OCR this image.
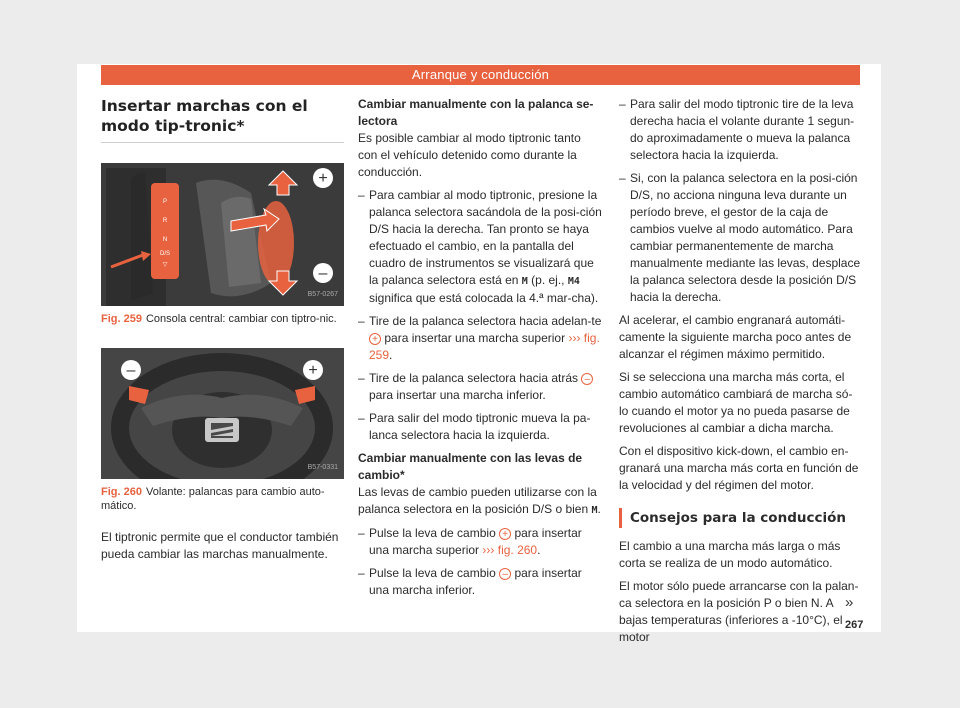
Arranque y conducción
Insertar marchas con el modo tip-tronic*
P
R
N
D/S
▽
+
–
B57-0267
Fig. 259 Consola central: cambiar con tiptro-nic.
–	+
B57-0331
Fig. 260 Volante: palancas para cambio auto-mático.

El tiptronic permite que el conductor también pueda cambiar las marchas manualmente.

Cambiar manualmente con la palanca se-lectora

Es posible cambiar al modo tiptronic tanto con el vehículo detenido como durante la conducción.

– Para cambiar al modo tiptronic, presione la palanca selectora sacándola de la posi-ción D/S hacia la derecha. Tan pronto se haya efectuado el cambio, en la pantalla del cuadro de instrumentos se visualizará que la palanca selectora está en M (p. ej., M4 significa que está colocada la 4.ª mar-cha).
– Tire de la palanca selectora hacia adelan-te + para insertar una marcha superior ››› fig. 259.
– Tire de la palanca selectora hacia atrás – para insertar una marcha inferior.
– Para salir del modo tiptronic mueva la pa-lanca selectora hacia la izquierda.
Cambiar manualmente con las levas de cambio*

Las levas de cambio pueden utilizarse con la palanca selectora en la posición D/S o bien M.

– Pulse la leva de cambio + para insertar una marcha superior ››› fig. 260.
– Pulse la leva de cambio – para insertar una marcha inferior.
– Para salir del modo tiptronic tire de la leva derecha hacia el volante durante 1 segun-do aproximadamente o mueva la palanca selectora hacia la izquierda.
– Si, con la palanca selectora en la posi-ción D/S, no acciona ninguna leva durante un período breve, el gestor de la caja de cambios vuelve al modo automático. Para cambiar permanentemente de marcha manualmente mediante las levas, desplace la palanca selectora desde la posición D/S hacia la derecha.

Al acelerar, el cambio engranará automáti-camente la siguiente marcha poco antes de alcanzar el régimen máximo permitido.

Si se selecciona una marcha más corta, el cambio automático cambiará de marcha só-lo cuando el motor ya no pueda pasarse de revoluciones al cambiar a dicha marcha.

Con el dispositivo kick-down, el cambio en-granará una marcha más corta en función de la velocidad y del régimen del motor.

Consejos para la conducción

El cambio a una marcha más larga o más corta se realiza de un modo automático.

El motor sólo puede arrancarse con la palan-ca selectora en la posición P o bien N. A bajas temperaturas (inferiores a -10°C), el motor

»
267
